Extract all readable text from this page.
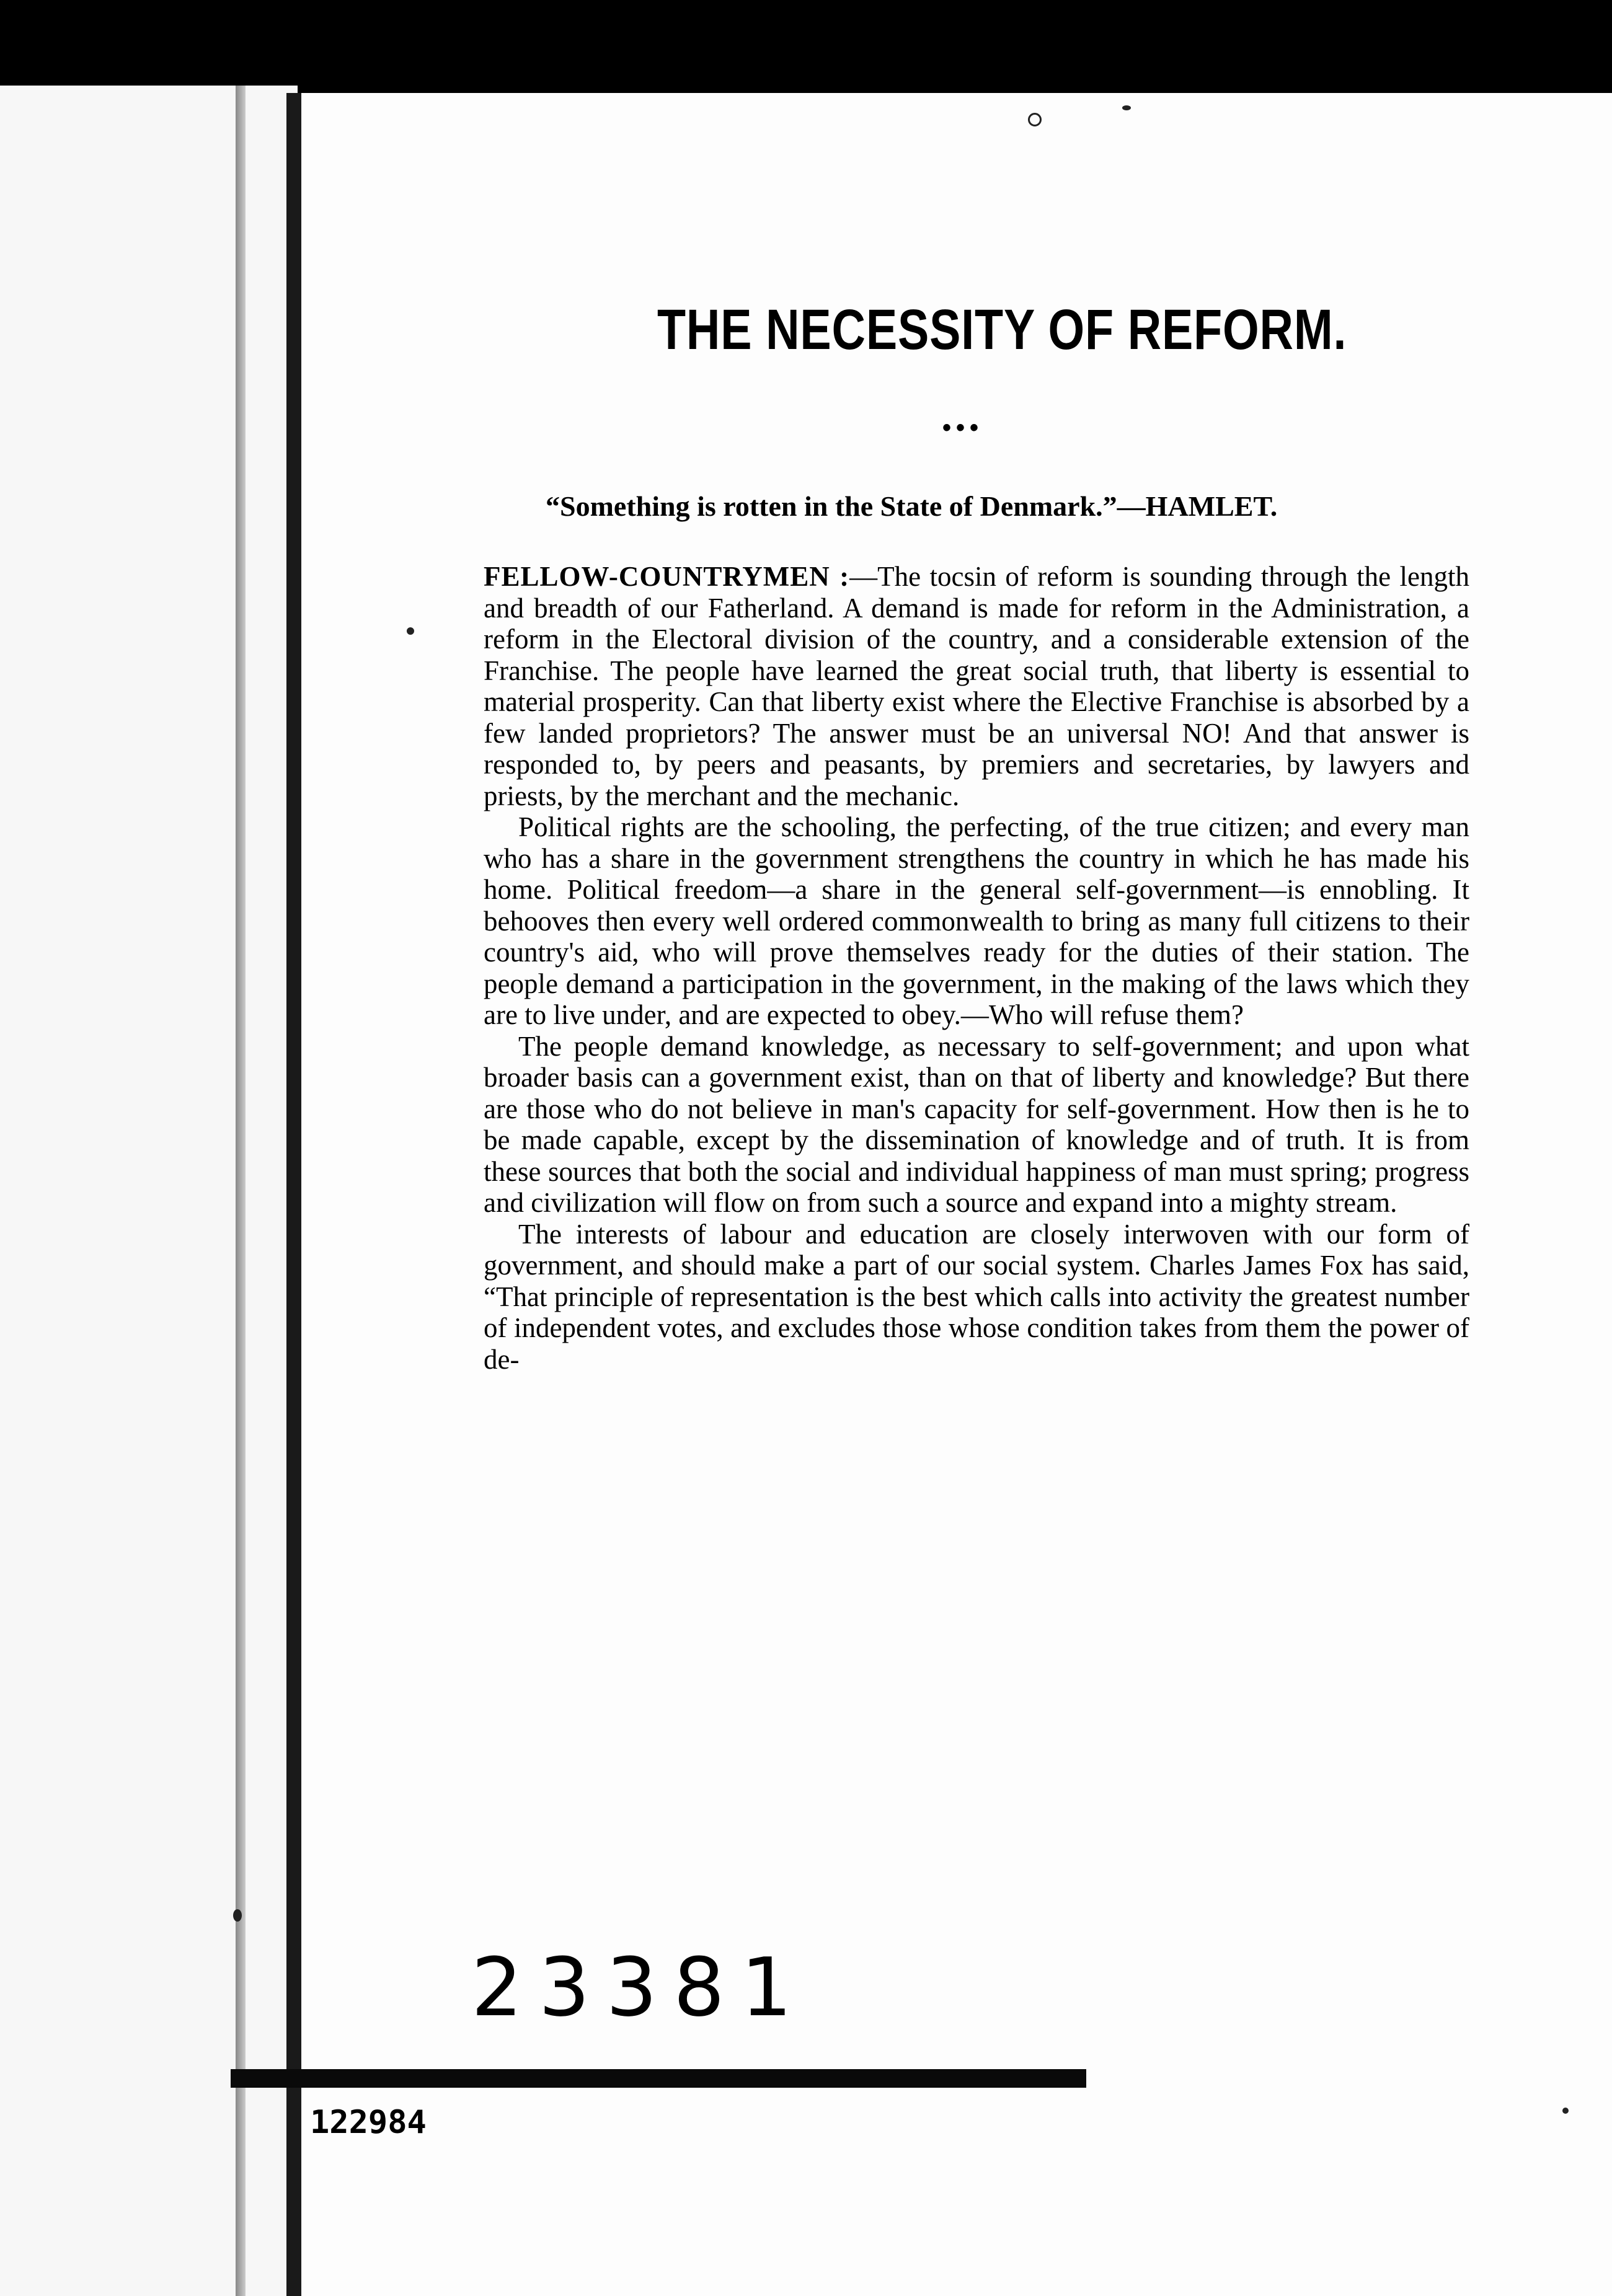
THE NECESSITY OF REFORM.
•••
“Something is rotten in the State of Denmark.”—HAMLET.

FELLOW-COUNTRYMEN :—The tocsin of reform is sounding through the length and breadth of our Fatherland. A demand is made for reform in the Administration, a reform in the Electoral division of the country, and a considerable extension of the Franchise. The people have learned the great social truth, that liberty is essential to material prosperity. Can that liberty exist where the Elective Franchise is absorbed by a few landed proprietors? The answer must be an universal NO! And that answer is responded to, by peers and peasants, by premiers and secretaries, by lawyers and priests, by the merchant and the mechanic.

Political rights are the schooling, the perfecting, of the true citizen; and every man who has a share in the government strengthens the country in which he has made his home. Political freedom—a share in the general self-government—is ennobling. It behooves then every well ordered commonwealth to bring as many full citizens to their country's aid, who will prove themselves ready for the duties of their station. The people demand a participation in the government, in the making of the laws which they are to live under, and are expected to obey.—Who will refuse them?

The people demand knowledge, as necessary to self-government; and upon what broader basis can a government exist, than on that of liberty and knowledge? But there are those who do not believe in man's capacity for self-government. How then is he to be made capable, except by the dissemination of knowledge and of truth. It is from these sources that both the social and individual happiness of man must spring; progress and civilization will flow on from such a source and expand into a mighty stream.

The interests of labour and education are closely interwoven with our form of government, and should make a part of our social system. Charles James Fox has said, “That principle of representation is the best which calls into activity the greatest number of independent votes, and excludes those whose condition takes from them the power of de-

23381
122984
